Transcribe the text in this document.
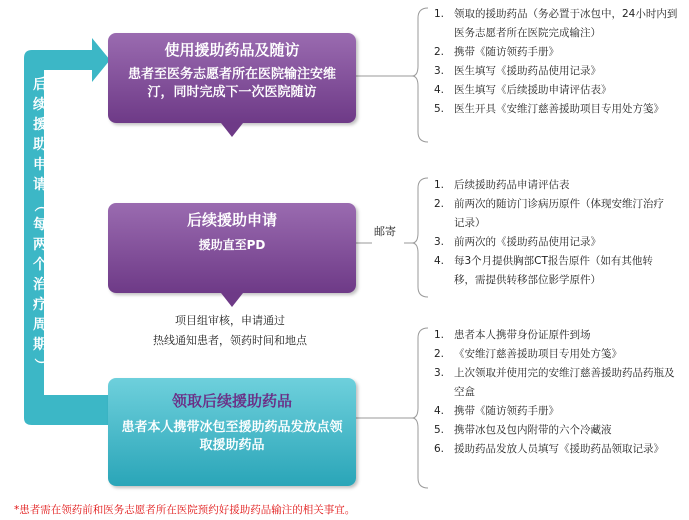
后
续
援
助
申
请
（
每
两
个
治
疗
周
期
）
使用援助药品及随访
患者至医务志愿者所在医院输注安维汀，同时完成下一次医院随访
后续援助申请
援助直至PD
项目组审核，申请通过
热线通知患者，领药时间和地点
领取后续援助药品
患者本人携带冰包至援助药品发放点领取援助药品
邮寄
1. 领取的援助药品（务必置于冰包中，24小时内到医务志愿者所在医院完成输注）
2. 携带《随访领药手册》
3. 医生填写《援助药品使用记录》
4. 医生填写《后续援助申请评估表》
5. 医生开具《安维汀慈善援助项目专用处方笺》
1. 后续援助药品申请评估表
2. 前两次的随访门诊病历原件（体现安维汀治疗记录）
3. 前两次的《援助药品使用记录》
4. 每3个月提供胸部CT报告原件（如有其他转移，需提供转移部位影学原件）
1. 患者本人携带身份证原件到场
2. 《安维汀慈善援助项目专用处方笺》
3. 上次领取并使用完的安维汀慈善援助药品药瓶及空盒
4. 携带《随访领药手册》
5. 携带冰包及包内附带的六个冷藏液
6. 援助药品发放人员填写《援助药品领取记录》
*患者需在领药前和医务志愿者所在医院预约好援助药品输注的相关事宜。
